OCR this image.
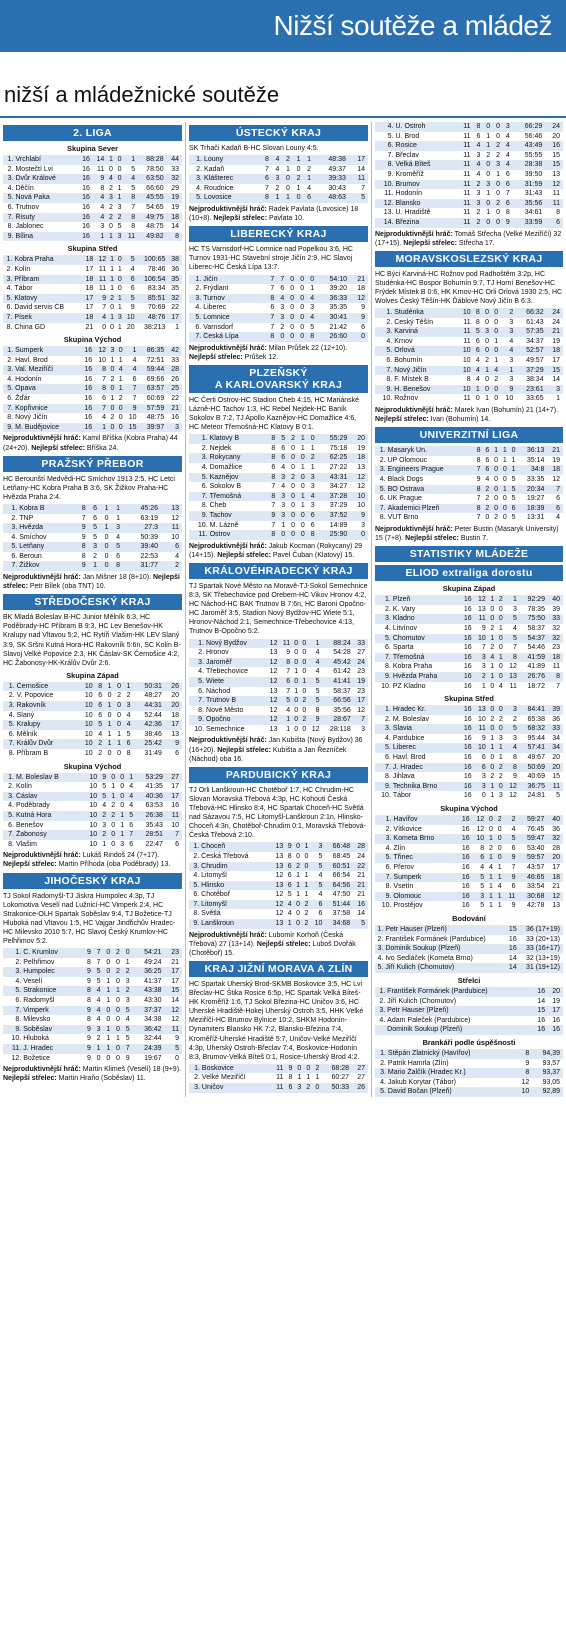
Nižší soutěže a mládež
nižší a mládežnické soutěže
2. LIGA
Skupina Sever
1.	Vrchlabí	16	14	1	0	1	88:28	44
2.	Mostečtí Lvi	16	11	0	0	5	78:50	33
3.	Dvůr Králové	16	9	4	0	4	63:50	32
4.	Děčín	16	8	2	1	5	66:60	29
5.	Nová Paka	16	4	3	1	8	45:55	19
6.	Trutnov	16	4	2	3	7	54:65	19
7.	Řisuty	16	4	2	2	8	49:75	18
8.	Jablonec	16	3	0	5	8	48:75	14
9.	Bílina	16	1	1	3	11	49:82	8
Skupina Střed
1.	Kobra Praha	18	12	1	0	5	100:65	38
2.	Kolín	17	11	1	1	4	78:46	36
3.	Příbram	18	11	1	0	6	106:54	35
4.	Tábor	18	11	1	0	6	83:34	35
5.	Klatovy	17	9	2	1	5	85:51	32
6.	David servis ČB	17	7	0	1	9	70:69	22
7.	Písek	18	4	1	3	10	48:76	17
8.	China GD	21	0	0	1	20	38:213	1
Skupina Východ
1.	Šumperk	16	12	3	0	1	86:35	42
2.	Havl. Brod	16	10	1	1	4	72:51	33
3.	Val. Meziříčí	16	8	0	4	4	59:44	28
4.	Hodonín	16	7	2	1	6	69:66	26
5.	Opava	16	8	0	1	7	63:57	25
6.	Žďár	16	6	1	2	7	60:69	22
7.	Kopřivnice	16	7	0	0	9	57:59	21
8.	Nový Jičín	16	4	2	0	10	48:75	16
9.	M. Budějovice	16	1	0	0	15	39:97	3
Nejproduktivnější hráč: Kamil Bříška (Kobra Praha) 44 (24+20). Nejlepší střelec: Bříška 24.
PRAŽSKÝ PŘEBOR
HC Berounští Medvědi-HC Smíchov 1913 2:5, HC Letci Letňany-HC Kobra Praha B 3:6, SK Žižkov Praha-HC Hvězda Praha 2:4.
1.	Kobra B	8	6	1	1	45:26	13
2.	TNP	7	6	0	1	63:19	12
3.	Hvězda	9	5	1	3	27:3	11
4.	Smíchov	9	5	0	4	50:39	10
5.	Letňany	8	3	0	5	39:40	6
6.	Beroun	8	2	0	6	22:53	4
7.	Žižkov	9	1	0	8	31:77	2
Nejproduktivnější hráč: Jan Mišner 18 (8+10). Nejlepší střelec: Petr Bílek (oba TNT) 10.
STŘEDOČESKÝ KRAJ
BK Mladá Boleslav B-HC Junior Mělník 6:3, HC Poděbrady-HC Příbram B 9:3, HC Lev Benešov-HK Kralupy nad Vltavou 5:2, HC Rytíři Vlašim-HK LEV Slaný 3:9, SK Sršni Kutná Hora-HC Rakovník 5:6n, SC Kolín B-Slavoj Velké Popovice 2:3, HK Čáslav-SK Černošice 4:2, HC Žabonosy-HK-Králův Dvůr 2:6.
Skupina Západ
1.	Černošice	10	8	1	0	1	50:31	26
2.	V. Popovice	10	6	0	2	2	48:27	20
3.	Rakovník	10	6	1	0	3	44:31	20
4.	Slaný	10	6	0	0	4	52:44	18
5.	Kralupy	10	5	1	0	4	42:36	17
6.	Mělník	10	4	1	1	5	38:46	13
7.	Králův Dvůr	10	2	1	1	6	25:42	9
8.	Příbram B	10	2	0	0	8	31:49	6
Skupina Východ
1.	M. Boleslav B	10	9	0	0	1	53:29	27
2.	Kolín	10	5	1	0	4	41:35	17
3.	Čáslav	10	5	1	0	4	40:36	17
4.	Poděbrady	10	4	2	0	4	63:53	16
5.	Kutná Hora	10	2	2	1	5	26:38	11
6.	Benešov	10	3	0	1	6	35:43	10
7.	Žabonosy	10	2	0	1	7	28:51	7
8.	Vlašim	10	1	0	3	6	22:47	6
Nejproduktivnější hráč: Lukáš Rindoš 24 (7+17). Nejlepší střelec: Martin Příhoda (oba Poděbrady) 13.
JIHOČESKÝ KRAJ
TJ Sokol Radomyšl-TJ Jiskra Humpolec 4:3p, TJ Lokomotiva Veselí nad Lužnicí-HC Vimperk 2:4, HC Strakonice-OLH Spartak Soběslav 9:4, TJ Božetice-TJ Hluboká nad Vltavou 1:5, HC Vajgar Jindřichův Hradec-HC Milevsko 2010 5:7, HC Slavoj Český Krumlov-HC Pelhřimov 5:2.
1.	Č. Krumlov	9	7	0	2	0	54:21	23
2.	Pelhřimov	8	7	0	0	1	49:24	21
3.	Humpolec	9	5	0	2	2	36:25	17
4.	Veselí	9	5	1	0	3	41:37	17
5.	Strakonice	8	4	1	1	2	43:38	15
6.	Radomyšl	8	4	1	0	3	43:30	14
7.	Vimperk	9	4	0	0	5	37:37	12
8.	Milevsko	8	4	0	0	4	34:38	12
9.	Soběslav	9	3	1	0	5	36:42	11
10.	Hluboká	9	2	1	1	5	32:44	9
11.	J. Hradec	9	1	1	0	7	24:39	5
12.	Božetice	9	0	0	0	9	19:67	0
Nejproduktivnější hráč: Martin Klimeš (Veselí) 18 (9+9). Nejlepší střelec: Martin Hraňo (Soběslav) 11.
ÚSTECKÝ KRAJ
SK Trhači Kadaň B-HC Slovan Louny 4:5.
1.	Louny	8	4	2	1	1	48:38	17
2.	Kadaň	7	4	1	0	2	49:37	14
3.	Klášterec	6	3	0	2	1	39:33	11
4.	Roudnice	7	2	0	1	4	30:43	7
5.	Lovosice	8	1	1	0	6	48:63	5
Nejproduktivnější hráč: Radek Pavlata (Lovosice) 18 (10+8). Nejlepší střelec: Pavlata 10.
LIBERECKÝ KRAJ
HC TS Varnsdorf-HC Lomnice nad Popelkou 3:6, HC Turnov 1931-HC Stavební stroje Jičín 2:9, HC Slavoj Liberec-HC Česká Lípa 13:7.
1.	Jičín	7	7	0	0	0	54:10	21
2.	Frýdlant	7	6	0	0	1	39:20	18
3.	Turnov	8	4	0	0	4	36:33	12
4.	Liberec	6	3	0	0	3	35:35	9
5.	Lomnice	7	3	0	0	4	30:41	9
6.	Varnsdorf	7	2	0	0	5	21:42	6
7.	Česká Lípa	8	0	0	0	8	26:60	0
Nejproduktivnější hráč: Milan Průšek 22 (12+10). Nejlepší střelec: Průšek 12.
PLZEŇSKÝ
A KARLOVARSKÝ KRAJ
HC Čerti Ostrov-HC Stadion Cheb 4:15, HC Mariánské Lázně-HC Tachov 1:3, HC Rebel Nejdek-HC Baník Sokolov B 7:2, TJ Apollo Kaznějov-HC Domažlice 4:6, HC Meteor Třemošná-HC Klatovy B 0:1.
1.	Klatovy B	8	5	2	1	0	55:29	20
2.	Nejdek	8	6	0	1	1	75:18	19
3.	Rokycany	8	6	0	0	2	62:25	18
4.	Domažlice	6	4	0	1	1	27:22	13
5.	Kaznějov	8	3	2	0	3	43:31	12
6.	Sokolov B	7	4	0	0	3	34:27	12
7.	Třemošná	8	3	0	1	4	37:28	10
8.	Cheb	7	3	0	1	3	37:29	10
9.	Tachov	9	3	0	0	6	37:52	9
10.	M. Lázně	7	1	0	0	6	14:89	3
11.	Ostrov	8	0	0	0	8	25:90	0
Nejproduktivnější hráč: Jakub Kocman (Rokycany) 29 (14+15). Nejlepší střelec: Pavel Čuban (Klatovy) 15.
KRÁLOVÉHRADECKÝ KRAJ
TJ Spartak Nové Město na Moravě-TJ-Sokol Semechnice 8:3, SK Třebechovice pod Orebem-HC Vikov Hronov 4:2, HC Náchod-HC BAK Trutnov B 7:6n, HC Baroni Opočno-HC Jaroměř 3:5, Stadion Nový Bydžov-HC Wiete 5:1, Hronov-Náchod 2:1, Semechnice-Třebechovice 4:13, Trutnov B-Opočno 5:2.
1.	Nový Bydžov	12	11	0	0	1	88:24	33
2.	Hronov	13	9	0	0	4	54:28	27
3.	Jaroměř	12	8	0	0	4	45:42	24
4.	Třebechovice	12	7	1	0	4	61:42	23
5.	Wiete	12	6	0	1	5	41:41	19
6.	Náchod	13	7	1	0	5	58:37	23
7.	Trutnov B	12	5	0	2	5	66:56	17
8.	Nové Město	12	4	0	0	8	35:56	12
9.	Opočno	12	1	0	2	9	28:67	7
10.	Semechnice	13	1	0	0	12	28:118	3
Nejproduktivnější hráč: Jan Kubišta (Nový Bydžov) 36 (16+20). Nejlepší střelec: Kubišta a Jan Řezníček (Náchod) oba 16.
PARDUBICKÝ KRAJ
TJ Orli Lanškroun-HC Chotěboř 1:7, HC Chrudim-HC Slovan Moravská Třebová 4:3p, HC Kohouti Česká Třebová-HC Hlinsko 8:4, HC Spartak Choceň-HC Světlá nad Sázavou 7:5, HC Litomyšl-Lanškroun 2:1n, Hlinsko-Choceň 4:3n, Chotěboř-Chrudim 0:1, Moravská Třebová-Česká Třebová 2:10.
1.	Choceň	13	9	0	1	3	66:48	28
2.	Česká Třebová	13	8	0	0	5	68:45	24
3.	Chrudim	13	6	2	0	5	60:51	22
4.	Litomyšl	12	6	1	1	4	66:54	21
5.	Hlinsko	13	6	1	1	5	64:56	21
6.	Chotěboř	12	5	1	1	4	47:50	21
7.	Litomyšl	12	4	0	2	6	51:44	16
8.	Světlá	12	4	0	2	6	37:58	14
9.	Lanškroun	13	1	0	2	10	34:68	5
Nejproduktivnější hráč: Lubomír Korhoň (Česká Třebová) 27 (13+14). Nejlepší střelec: Luboš Dvořák (Chotěboř) 15.
KRAJ JIŽNÍ MORAVA A ZLÍN
HC Spartak Uherský Brod-SKMB Boskovice 3:5, HC Lvi Břeclav-HC Štika Rosice 6:5p, HC Spartak Velká Bíteš-HK Kroměříž 1:6, TJ Sokol Březina-HC Uničov 3:6, HC Uherské Hradiště-Hokej Uherský Ostroh 3:5, HHK Velké Meziříčí-HC Brumov Bylnice 10:2, SHKM Hodonín-Dynamiters Blansko HK 7:2, Blansko-Březina 7:4, Kroměříž-Uherské Hradiště 5:7, Uničov-Velké Meziříčí 4:3p, Uherský Ostroh-Břeclav 7:4, Boskovice-Hodonín 8:3, Brumov-Velká Bíteš 0:1, Rosice-Uherský Brod 4:2.
1.	Boskovice	11	9	0	0	2	68:28	27
2.	Velké Meziříčí	11	8	1	1	1	60:27	27
3.	Uničov	11	6	3	2	0	50:33	26
4.	U. Ostroh	11	8	0	0	3	66:29	24
5.	U. Brod	11	6	1	0	4	56:46	20
6.	Rosice	11	4	1	2	4	43:49	16
7.	Břeclav	11	3	2	2	4	55:55	15
8.	Velká Bíteš	11	4	0	3	4	28:38	15
9.	Kroměříž	11	4	0	1	6	39:50	13
10.	Brumov	11	2	3	0	6	31:59	12
11.	Hodonín	11	3	1	0	7	31:43	11
12.	Blansko	11	3	0	2	6	35:56	11
13.	U. Hradiště	11	2	1	0	8	34:61	8
14.	Březina	11	2	0	0	9	33:59	6
Nejproduktivnější hráč: Tomáš Střecha (Velké Meziříčí) 32 (17+15). Nejlepší střelec: Střecha 17.
MORAVSKOSLEZSKÝ KRAJ
HC Býci Karviná-HC Rožnov pod Radhoštěm 3:2p, HC Studénka-HC Bospor Bohumín 9:7, TJ Horní Benešov-HC Frýdek Místek B 0:6, HK Krnov-HC Orli Orlová 1930 2:5, HC Wolves Český Těšín-HK Ďáblové Nový Jičín B 6:3.
1.	Studénka	10	8	0	0	2	66:32	24
2.	Český Těšín	11	8	0	0	3	61:43	24
3.	Karviná	11	5	3	0	3	57:35	21
4.	Krnov	11	6	0	1	4	34:37	19
5.	Orlová	10	6	0	0	4	52:57	18
6.	Bohumín	10	4	2	1	3	49:57	17
7.	Nový Jičín	10	4	1	4	1	37:29	15
8.	F. Místek B	8	4	0	2	3	38:34	14
9.	H. Benešov	10	1	0	0	9	23:61	3
10.	Rožnov	11	0	1	0	10	33:65	1
Nejproduktivnější hráč: Marek Ivan (Bohumín) 21 (14+7). Nejlepší střelec: Ivan (Bohumín) 14.
UNIVERZITNÍ LIGA
1.	Masaryk Un.	8	6	1	1	0	36:13	21
2.	UP Olomouc	8	6	0	1	1	35:14	19
3.	Engineers Prague	7	6	0	0	1	34:8	18
4.	Black Dogs	9	4	0	0	5	33:35	12
5.	BO Ostrava	8	2	0	1	5	20:34	7
6.	UK Prague	7	2	0	0	5	19:27	6
7.	Akademici Plzeň	8	2	0	0	6	18:39	6
8.	VUT Brno	7	0	2	0	5	13:31	4
Nejproduktivnější hráč: Peter Bustin (Masaryk University) 15 (7+8). Nejlepší střelec: Bustin 7.
STATISTIKY MLÁDEŽE
ELIOD extraliga dorostu
Skupina Západ
1.	Plzeň	16	12	1	2	1	92:29	40
2.	K. Vary	16	13	0	0	3	78:35	39
3.	Kladno	16	11	0	0	5	75:50	33
4.	Litvínov	16	9	2	1	4	58:37	32
5.	Chomutov	16	10	1	0	5	54:37	32
6.	Sparta	16	7	2	0	7	54:46	23
7.	Třemošná	16	3	4	1	8	41:59	18
8.	Kobra Praha	16	3	1	0	12	41:89	11
9.	Hvězda Praha	16	2	1	0	13	26:76	8
10.	PZ Kladno	16	1	0	4	11	18:72	7
Skupina Střed
1.	Hradec Kr.	16	13	0	0	3	84:41	39
2.	M. Boleslav	16	10	2	2	2	65:38	36
3.	Slavia	16	11	0	0	5	68:32	33
4.	Pardubice	16	9	1	3	3	95:44	34
5.	Liberec	16	10	1	1	4	57:41	34
6.	Havl. Brod	16	6	0	1	8	49:67	20
7.	J. Hradec	16	6	0	2	8	50:69	20
8.	Jihlava	16	3	2	2	9	40:69	15
9.	Technika Brno	16	3	1	0	12	36:75	11
10.	Tábor	16	0	1	3	12	24:81	5
Skupina Východ
1.	Havířov	16	12	0	2	2	59:27	40
2.	Vítkovice	16	12	0	0	4	76:45	36
3.	Kometa Brno	16	10	1	0	5	59:47	32
4.	Zlín	16	8	2	0	6	53:40	28
5.	Třinec	16	6	1	0	9	59:57	20
6.	Přerov	16	4	4	1	7	43:57	17
7.	Šumperk	16	5	1	1	9	46:65	18
8.	Vsetín	16	5	1	4	6	33:54	21
9.	Olomouc	16	3	1	1	11	30:68	12
10.	Prostějov	16	5	1	1	9	42:78	13
Bodování
1.	Petr Hauser (Plzeň)	15	36 (17+19)
2.	František Formánek (Pardubice)	16	33 (20+13)
3.	Dominik Soukup (Plzeň)	16	33 (16+17)
4.	Ivo Sedláček (Kometa Brno)	14	32 (13+19)
5.	Jiří Kulich (Chomutov)	14	31 (19+12)
Střelci
1.	František Formánek (Pardubice)	16	20
2.	Jiří Kulich (Chomutov)	14	19
3.	Petr Hauser (Plzeň)	15	17
4.	Adam Paleček (Pardubice)	16	16
	Dominik Soukup (Plzeň)	16	16
Brankáři podle úspěšnosti
1.	Štěpán Zlatnický (Havířov)	8	94,39
2.	Patrik Hamrla (Zlín)	9	93,57
3.	Mario Žalčík (Hradec Kr.)	8	93,37
4.	Jakub Korytar (Tábor)	12	93,05
5.	David Bočan (Plzeň)	10	92,89
